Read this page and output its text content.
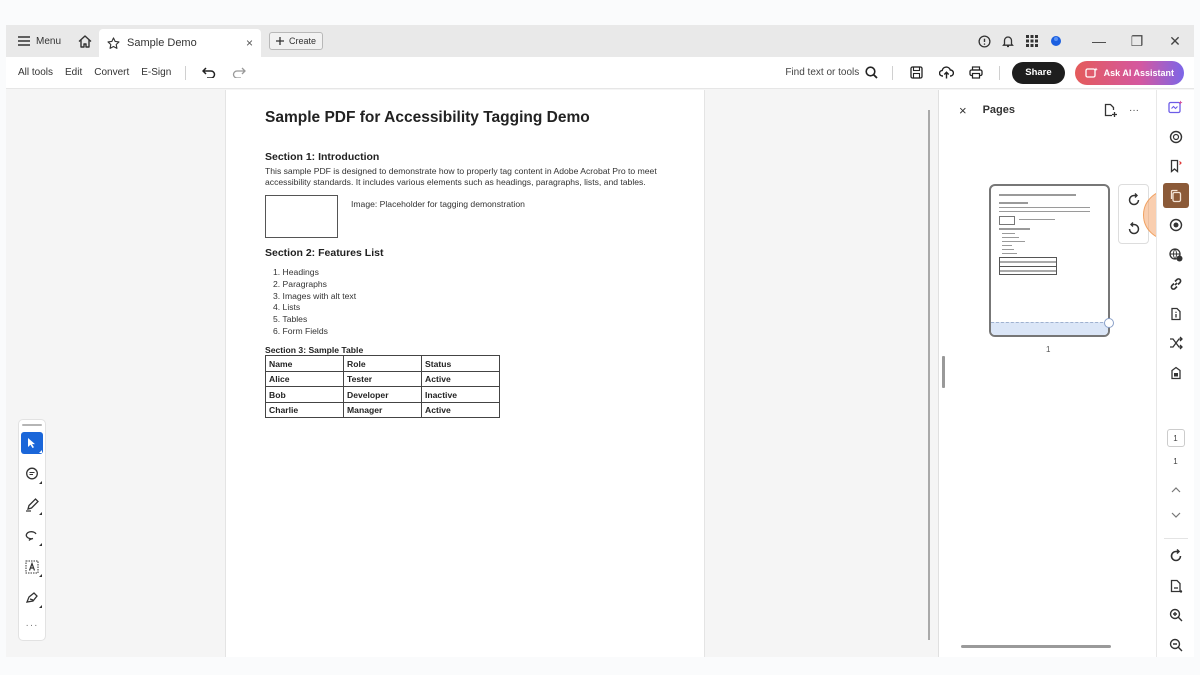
Menu	Sample Demo	×	Create	—	❐	✕
All tools	Edit	Convert	E-Sign	Find text or tools	Share	Ask AI Assistant
···
Sample PDF for Accessibility Tagging Demo
Section 1: Introduction
This sample PDF is designed to demonstrate how to properly tag content in Adobe Acrobat Pro to meet accessibility standards. It includes various elements such as headings, paragraphs, lists, and tables.
Image: Placeholder for tagging demonstration
Section 2: Features List
1. Headings
2. Paragraphs
3. Images with alt text
4. Lists
5. Tables
6. Form Fields
Section 3: Sample Table
Name	Role	Status
Alice	Tester	Active
Bob	Developer	Inactive
Charlie	Manager	Active
× Pages	···
1
1
1
